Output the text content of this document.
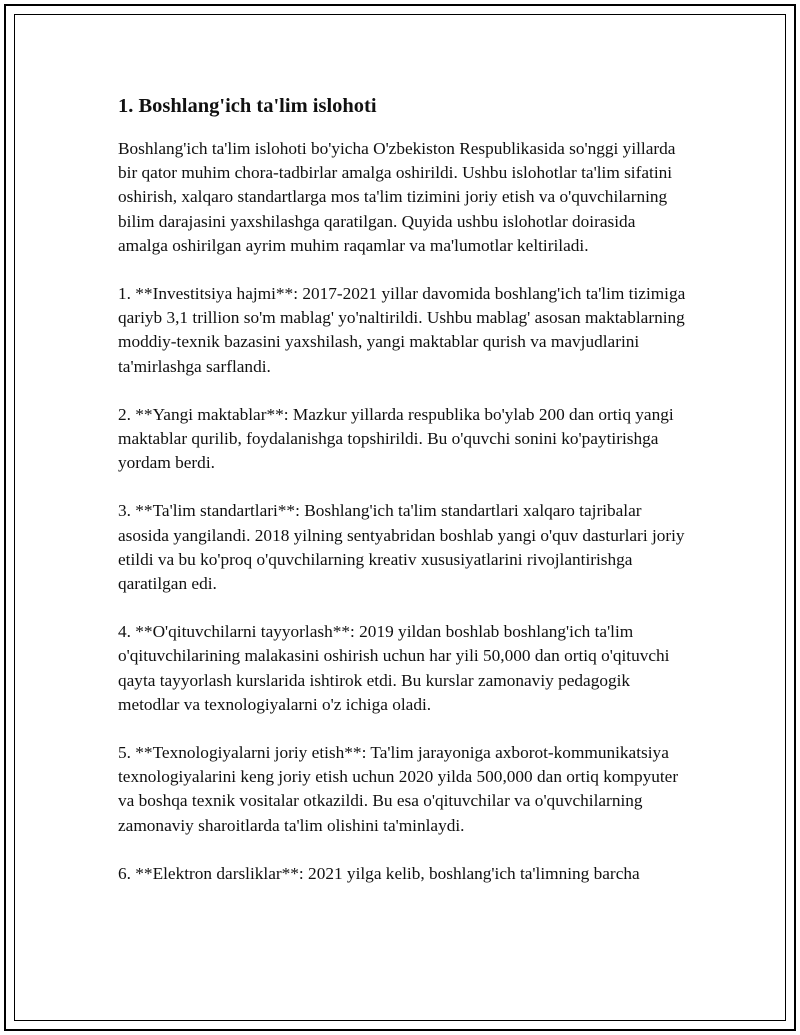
1. Boshlang'ich ta'lim islohoti

Boshlang'ich ta'lim islohoti bo'yicha O'zbekiston Respublikasida so'nggi yillarda bir qator muhim chora-tadbirlar amalga oshirildi. Ushbu islohotlar ta'lim sifatini oshirish, xalqaro standartlarga mos ta'lim tizimini joriy etish va o'quvchilarning bilim darajasini yaxshilashga qaratilgan. Quyida ushbu islohotlar doirasida amalga oshirilgan ayrim muhim raqamlar va ma'lumotlar keltiriladi.

1. **Investitsiya hajmi**: 2017-2021 yillar davomida boshlang'ich ta'lim tizimiga qariyb 3,1 trillion so'm mablag' yo'naltirildi. Ushbu mablag' asosan maktablarning moddiy-texnik bazasini yaxshilash, yangi maktablar qurish va mavjudlarini ta'mirlashga sarflandi.

2. **Yangi maktablar**: Mazkur yillarda respublika bo'ylab 200 dan ortiq yangi maktablar qurilib, foydalanishga topshirildi. Bu o'quvchi sonini ko'paytirishga yordam berdi.

3. **Ta'lim standartlari**: Boshlang'ich ta'lim standartlari xalqaro tajribalar asosida yangilandi. 2018 yilning sentyabridan boshlab yangi o'quv dasturlari joriy etildi va bu ko'proq o'quvchilarning kreativ xususiyatlarini rivojlantirishga qaratilgan edi.

4. **O'qituvchilarni tayyorlash**: 2019 yildan boshlab boshlang'ich ta'lim o'qituvchilarining malakasini oshirish uchun har yili 50,000 dan ortiq o'qituvchi qayta tayyorlash kurslarida ishtirok etdi. Bu kurslar zamonaviy pedagogik metodlar va texnologiyalarni o'z ichiga oladi.

5. **Texnologiyalarni joriy etish**: Ta'lim jarayoniga axborot-kommunikatsiya texnologiyalarini keng joriy etish uchun 2020 yilda 500,000 dan ortiq kompyuter va boshqa texnik vositalar otkazildi. Bu esa o'qituvchilar va o'quvchilarning zamonaviy sharoitlarda ta'lim olishini ta'minlaydi.

6. **Elektron darsliklar**: 2021 yilga kelib, boshlang'ich ta'limning barcha
